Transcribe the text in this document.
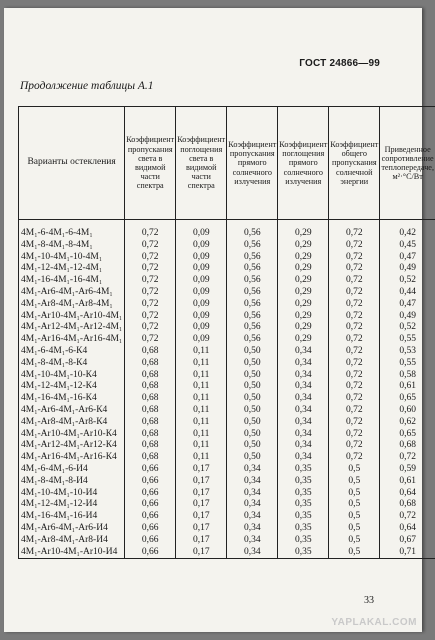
ГОСТ 24866—99
Продолжение таблицы А.1
Варианты остекления	Коэффициент пропускания света в видимой части спектра	Коэффициент поглощения света в видимой части спектра	Коэффициент пропускания прямого солнечного излучения	Коэффициент поглощения прямого солнечного излучения	Коэффициент общего пропускания солнечной энергии	Приведенное сопротивление теплопередаче, м²·°С/Вт

4М₁-6-4М₁-6-4М₁	0,72	0,09	0,56	0,29	0,72	0,42
4М₁-8-4М₁-8-4М₁	0,72	0,09	0,56	0,29	0,72	0,45
4М₁-10-4М₁-10-4М₁	0,72	0,09	0,56	0,29	0,72	0,47
4М₁-12-4М₁-12-4М₁	0,72	0,09	0,56	0,29	0,72	0,49
4М₁-16-4М₁-16-4М₁	0,72	0,09	0,56	0,29	0,72	0,52
4М₁-Ar6-4М₁-Ar6-4М₁	0,72	0,09	0,56	0,29	0,72	0,44
4М₁-Ar8-4М₁-Ar8-4М₁	0,72	0,09	0,56	0,29	0,72	0,47
4М₁-Ar10-4М₁-Ar10-4М₁	0,72	0,09	0,56	0,29	0,72	0,49
4М₁-Ar12-4М₁-Ar12-4М₁	0,72	0,09	0,56	0,29	0,72	0,52
4М₁-Ar16-4М₁-Ar16-4М₁	0,72	0,09	0,56	0,29	0,72	0,55
4М₁-6-4М₁-6-К4	0,68	0,11	0,50	0,34	0,72	0,53
4М₁-8-4М₁-8-К4	0,68	0,11	0,50	0,34	0,72	0,55
4М₁-10-4М₁-10-К4	0,68	0,11	0,50	0,34	0,72	0,58
4М₁-12-4М₁-12-К4	0,68	0,11	0,50	0,34	0,72	0,61
4М₁-16-4М₁-16-К4	0,68	0,11	0,50	0,34	0,72	0,65
4М₁-Ar6-4М₁-Ar6-К4	0,68	0,11	0,50	0,34	0,72	0,60
4М₁-Ar8-4М₁-Ar8-К4	0,68	0,11	0,50	0,34	0,72	0,62
4М₁-Ar10-4М₁-Ar10-К4	0,68	0,11	0,50	0,34	0,72	0,65
4М₁-Ar12-4М₁-Ar12-К4	0,68	0,11	0,50	0,34	0,72	0,68
4М₁-Ar16-4М₁-Ar16-К4	0,68	0,11	0,50	0,34	0,72	0,72
4М₁-6-4М₁-6-И4	0,66	0,17	0,34	0,35	0,5	0,59
4М₁-8-4М₁-8-И4	0,66	0,17	0,34	0,35	0,5	0,61
4М₁-10-4М₁-10-И4	0,66	0,17	0,34	0,35	0,5	0,64
4М₁-12-4М₁-12-И4	0,66	0,17	0,34	0,35	0,5	0,68
4М₁-16-4М₁-16-И4	0,66	0,17	0,34	0,35	0,5	0,72
4М₁-Ar6-4М₁-Ar6-И4	0,66	0,17	0,34	0,35	0,5	0,64
4М₁-Ar8-4М₁-Ar8-И4	0,66	0,17	0,34	0,35	0,5	0,67
4М₁-Ar10-4М₁-Ar10-И4	0,66	0,17	0,34	0,35	0,5	0,71
33
YAPLAKAL.COM
